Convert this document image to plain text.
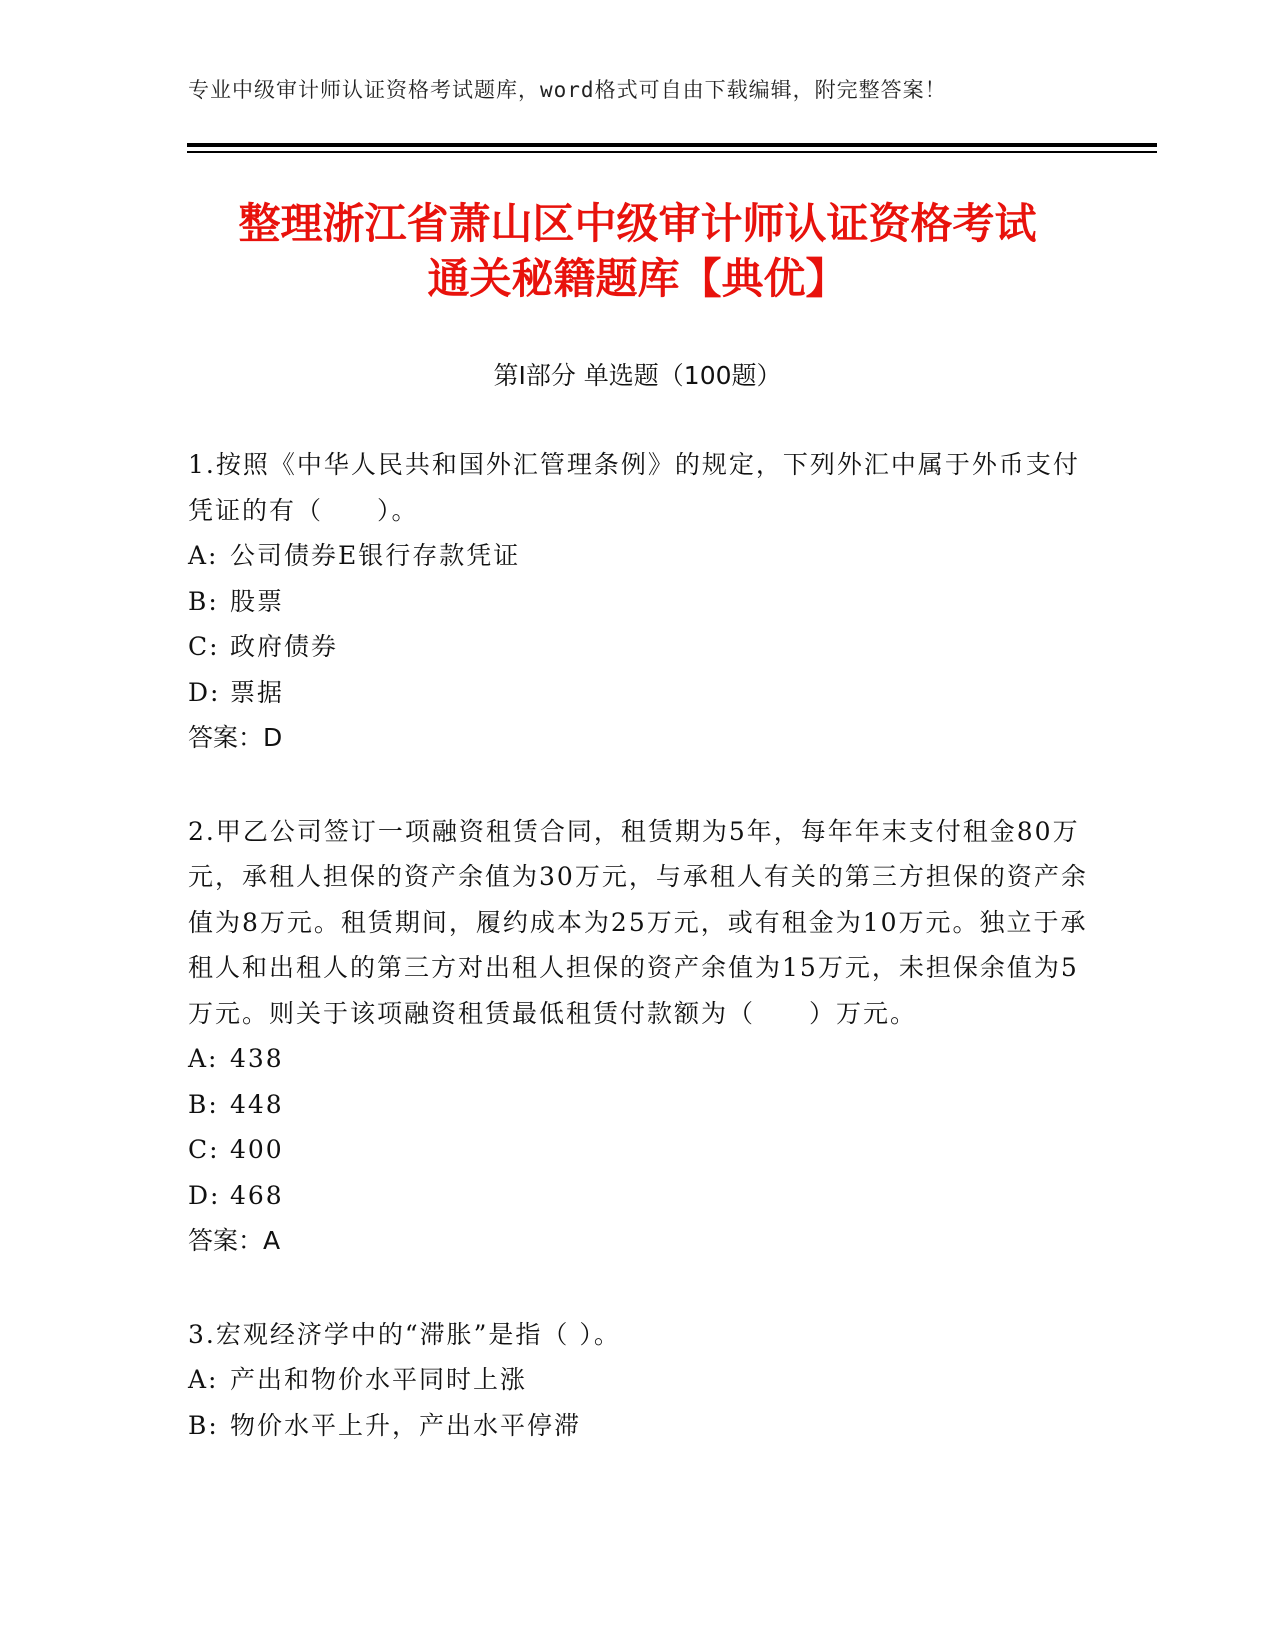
专业中级审计师认证资格考试题库，word格式可自由下载编辑，附完整答案！
整理浙江省萧山区中级审计师认证资格考试
通关秘籍题库【典优】
第Ⅰ部分 单选题（100题）

1.按照《中华人民共和国外汇管理条例》的规定，下列外汇中属于外币支付凭证的有（　　）。

A: 公司债券E银行存款凭证

B: 股票

C: 政府债券

D: 票据

答案：D

2.甲乙公司签订一项融资租赁合同，租赁期为5年，每年年末支付租金80万元，承租人担保的资产余值为30万元，与承租人有关的第三方担保的资产余值为8万元。租赁期间，履约成本为25万元，或有租金为10万元。独立于承租人和出租人的第三方对出租人担保的资产余值为15万元，未担保余值为5万元。则关于该项融资租赁最低租赁付款额为（　　）万元。

A: 438

B: 448

C: 400

D: 468

答案：A

3.宏观经济学中的“滞胀”是指（ ）。

A: 产出和物价水平同时上涨

B: 物价水平上升，产出水平停滞
